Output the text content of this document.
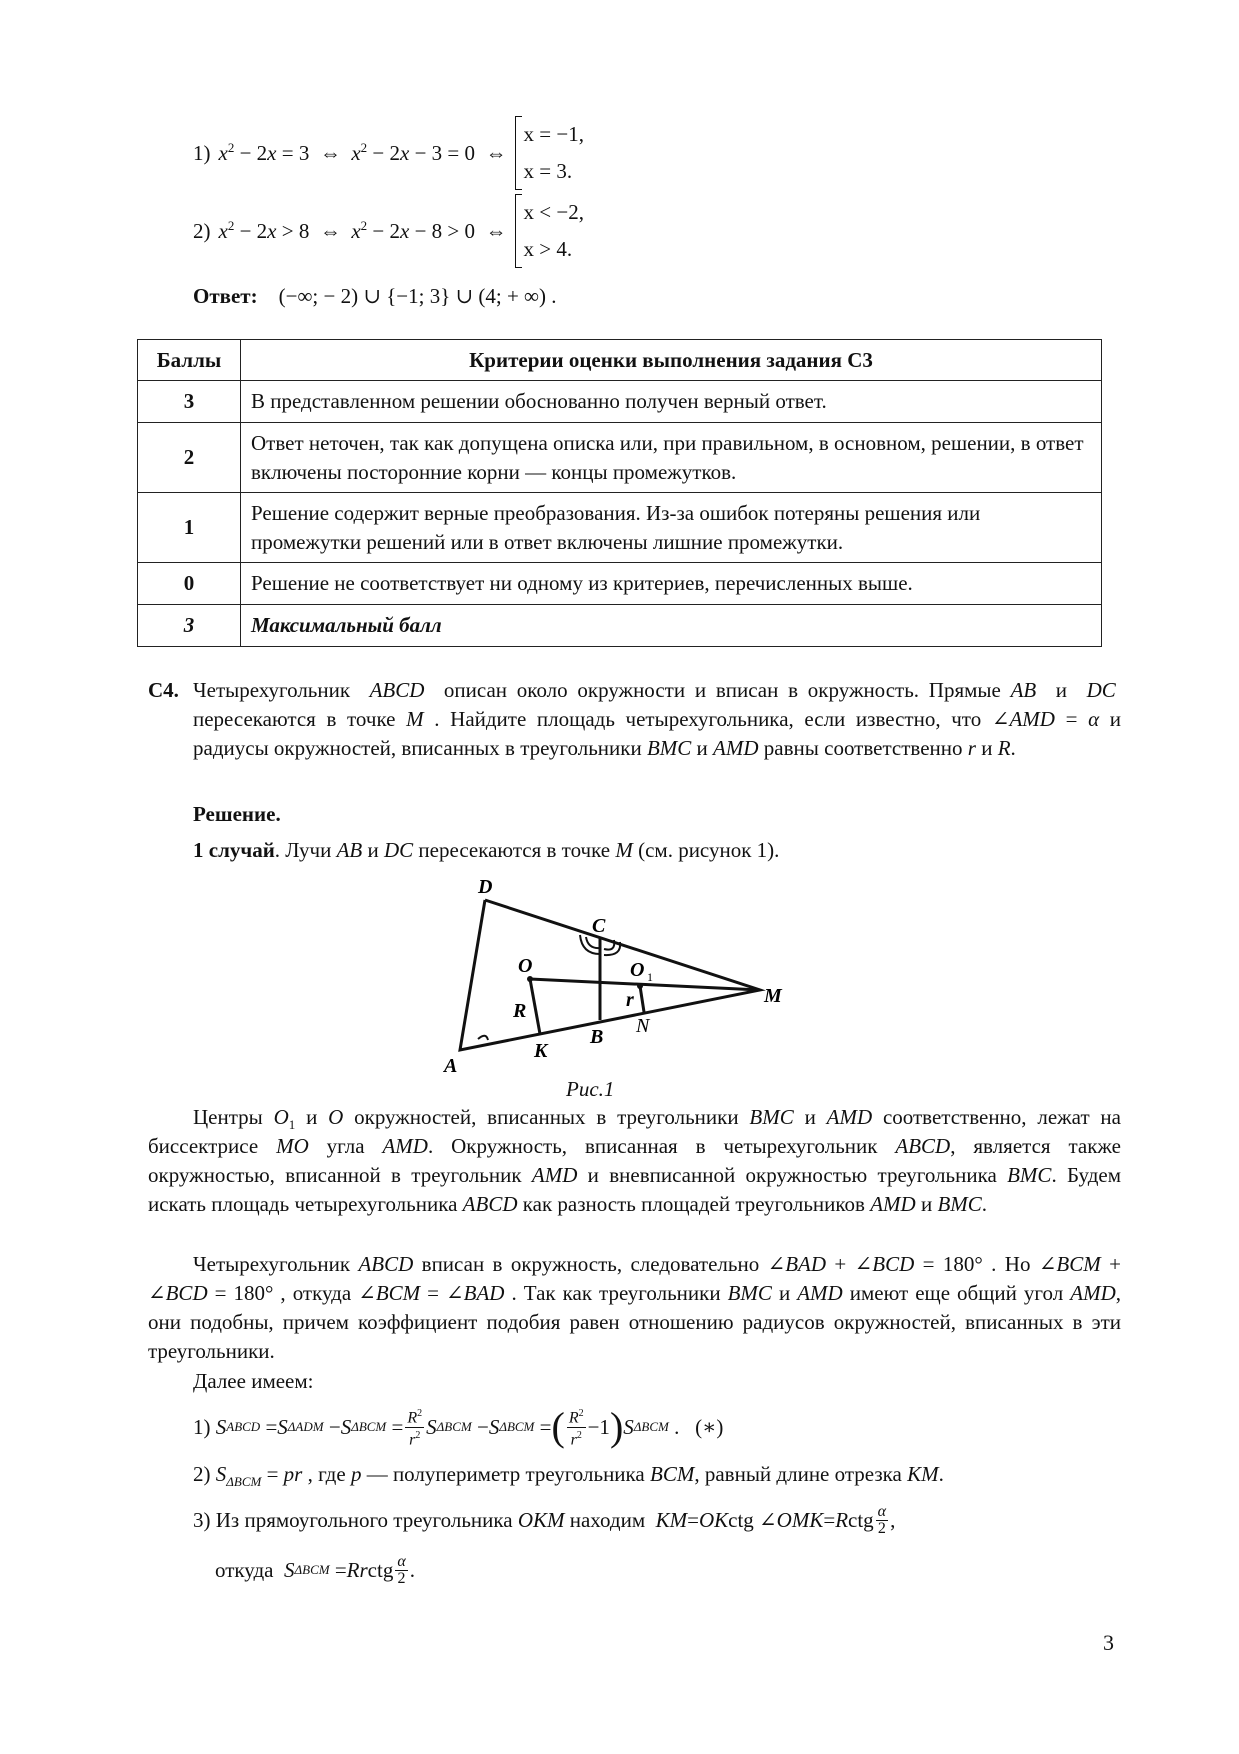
1) $x^2 - 2x = 3$  ⇔  $x^2 - 2x - 3 = 0$  ⇔
x = −1,
x = 3.
2) $x^2 - 2x > 8$  ⇔  $x^2 - 2x - 8 > 0$  ⇔
x < −2,
x > 4.
Ответ: (−∞; − 2) ∪ {−1; 3} ∪ (4; + ∞) .
Баллы	Критерии оценки выполнения задания С3
3	В представленном решении обоснованно получен верный ответ.
2	Ответ неточен, так как допущена описка или, при правильном, в основном, решении, в ответ включены посторонние корни — концы промежутков.
1	Решение содержит верные преобразования. Из-за ошибок потеряны решения или промежутки решений или в ответ включены лишние промежутки.
0	Решение не соответствует ни одному из критериев, перечисленных выше.
3	Максимальный балл
С4. Четырехугольник  ABCD  описан около окружности и вписан в окружность. Прямые AB  и  DC  пересекаются в точке M . Найдите площадь четырехугольника, если известно, что ∠AMD = α и радиусы окружностей, вписанных в треугольники BMC и AMD равны соответственно r и R.
Решение.
1 случай. Лучи AB и DC пересекаются в точке M (см. рисунок 1).
D
C
O	O 1
M
R	r
N
B
K
A
Рис.1
Центры $O_1$ и O окружностей, вписанных в треугольники BMC и AMD соответственно, лежат на биссектрисе MO угла AMD. Окружность, вписанная в четырехугольник ABCD, является также окружностью, вписанной в треугольник AMD и вневписанной окружностью треугольника BMC. Будем искать площадь четырехугольника ABCD как разность площадей треугольников AMD и BMC.
Четырехугольник ABCD вписан в окружность, следовательно ∠BAD + ∠BCD = 180° . Но ∠BCM + ∠BCD = 180° , откуда ∠BCM = ∠BAD . Так как треугольники BMC и AMD имеют еще общий угол AMD, они подобны, причем коэффициент подобия равен отношению радиусов окружностей, вписанных в эти треугольники.
Далее имеем:
1) S ABCD = S ΔADM − S $\Delta BCM = \frac{R^2}{r^2}$ S ΔBCM − S ΔBCM = ( $\frac{R^2}{r^2} -1$ ) S ΔBCM .   (∗)
2) $S_{\Delta BCM}$ = pr , где p — полупериметр треугольника BCM, равный длине отрезка KM.
3) Из прямоугольного треугольника OKM находим KM = OK ctg ∠ OMK = R ctg $\frac{\alpha}{2}$ ,
откуда S ΔBCM = Rr ctg $\frac{\alpha}{2}$ .
3
